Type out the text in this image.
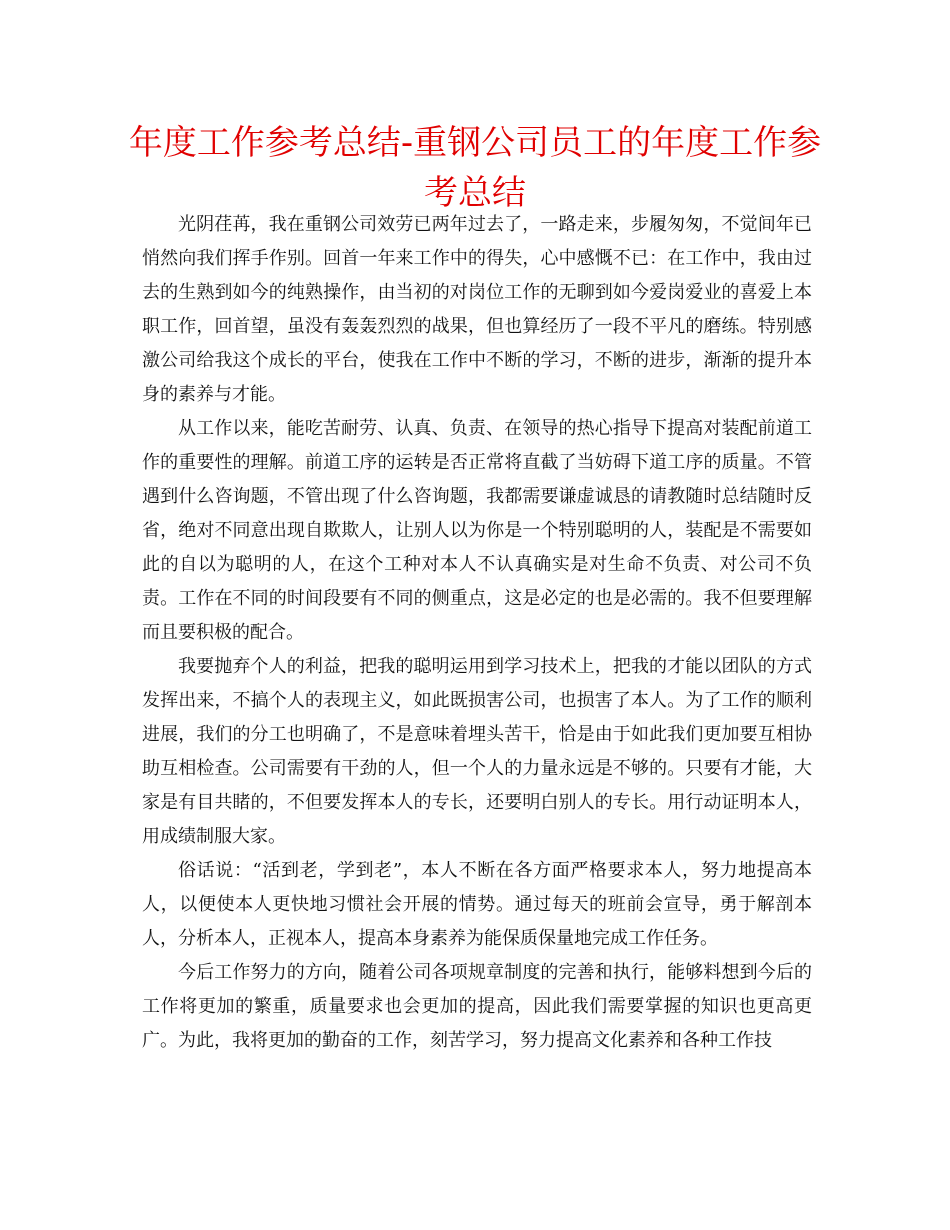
年度工作参考总结-重钢公司员工的年度工作参考总结

光阴荏苒，我在重钢公司效劳已两年过去了，一路走来，步履匆匆，不觉间年已悄然向我们挥手作别。回首一年来工作中的得失，心中感慨不已：在工作中，我由过去的生熟到如今的纯熟操作，由当初的对岗位工作的无聊到如今爱岗爱业的喜爱上本职工作，回首望，虽没有轰轰烈烈的战果，但也算经历了一段不平凡的磨练。特别感激公司给我这个成长的平台，使我在工作中不断的学习，不断的进步，渐渐的提升本身的素养与才能。

从工作以来，能吃苦耐劳、认真、负责、在领导的热心指导下提高对装配前道工作的重要性的理解。前道工序的运转是否正常将直截了当妨碍下道工序的质量。不管遇到什么咨询题，不管出现了什么咨询题，我都需要谦虚诚恳的请教随时总结随时反省，绝对不同意出现自欺欺人，让别人以为你是一个特别聪明的人，装配是不需要如此的自以为聪明的人，在这个工种对本人不认真确实是对生命不负责、对公司不负责。工作在不同的时间段要有不同的侧重点，这是必定的也是必需的。我不但要理解而且要积极的配合。

我要抛弃个人的利益，把我的聪明运用到学习技术上，把我的才能以团队的方式发挥出来，不搞个人的表现主义，如此既损害公司，也损害了本人。为了工作的顺利进展，我们的分工也明确了，不是意味着埋头苦干，恰是由于如此我们更加要互相协助互相检查。公司需要有干劲的人，但一个人的力量永远是不够的。只要有才能，大家是有目共睹的，不但要发挥本人的专长，还要明白别人的专长。用行动证明本人，用成绩制服大家。

俗话说：“活到老，学到老”，本人不断在各方面严格要求本人，努力地提高本人，以便使本人更快地习惯社会开展的情势。通过每天的班前会宣导，勇于解剖本人，分析本人，正视本人，提高本身素养为能保质保量地完成工作任务。

今后工作努力的方向，随着公司各项规章制度的完善和执行，能够料想到今后的工作将更加的繁重，质量要求也会更加的提高，因此我们需要掌握的知识也更高更广。为此，我将更加的勤奋的工作，刻苦学习，努力提高文化素养和各种工作技
